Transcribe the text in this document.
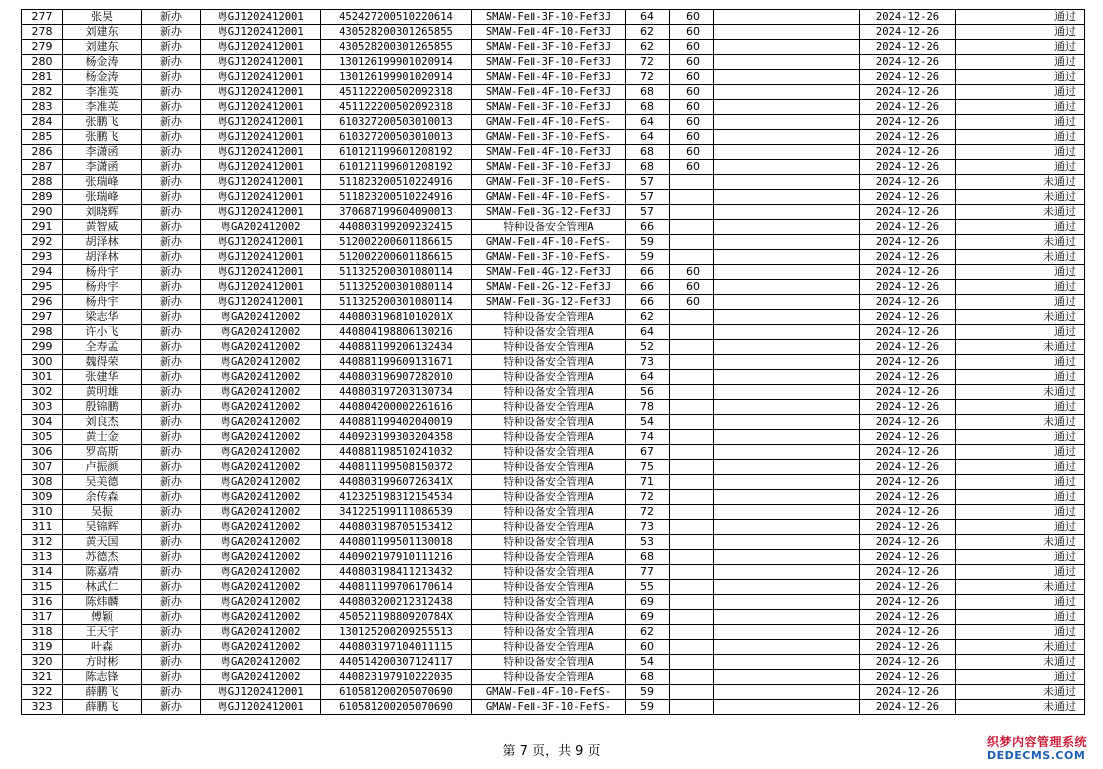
277	张昊	新办	粤GJ1202412001	452427200510220614	SMAW-FeⅡ-3F-10-Fef3J	64	60		2024-12-26	通过
278	刘建东	新办	粤GJ1202412001	430528200301265855	SMAW-FeⅡ-4F-10-Fef3J	62	60		2024-12-26	通过
279	刘建东	新办	粤GJ1202412001	430528200301265855	SMAW-FeⅡ-3F-10-Fef3J	62	60		2024-12-26	通过
280	杨金涛	新办	粤GJ1202412001	130126199901020914	SMAW-FeⅡ-3F-10-Fef3J	72	60		2024-12-26	通过
281	杨金涛	新办	粤GJ1202412001	130126199901020914	SMAW-FeⅡ-4F-10-Fef3J	72	60		2024-12-26	通过
282	李准英	新办	粤GJ1202412001	451122200502092318	SMAW-FeⅡ-4F-10-Fef3J	68	60		2024-12-26	通过
283	李准英	新办	粤GJ1202412001	451122200502092318	SMAW-FeⅡ-3F-10-Fef3J	68	60		2024-12-26	通过
284	张鹏飞	新办	粤GJ1202412001	610327200503010013	GMAW-FeⅡ-4F-10-FefS-	64	60		2024-12-26	通过
285	张鹏飞	新办	粤GJ1202412001	610327200503010013	GMAW-FeⅡ-3F-10-FefS-	64	60		2024-12-26	通过
286	李潇函	新办	粤GJ1202412001	610121199601208192	SMAW-FeⅡ-4F-10-Fef3J	68	60		2024-12-26	通过
287	李潇函	新办	粤GJ1202412001	610121199601208192	SMAW-FeⅡ-3F-10-Fef3J	68	60		2024-12-26	通过
288	张瑞峰	新办	粤GJ1202412001	511823200510224916	GMAW-FeⅡ-3F-10-FefS-	57			2024-12-26	未通过
289	张瑞峰	新办	粤GJ1202412001	511823200510224916	GMAW-FeⅡ-4F-10-FefS-	57			2024-12-26	未通过
290	刘晓辉	新办	粤GJ1202412001	370687199604090013	SMAW-FeⅡ-3G-12-Fef3J	57			2024-12-26	未通过
291	黄智威	新办	粤GA202412002	440803199209232415	特种设备安全管理A	66			2024-12-26	通过
292	胡泽林	新办	粤GJ1202412001	512002200601186615	GMAW-FeⅡ-4F-10-FefS-	59			2024-12-26	未通过
293	胡泽林	新办	粤GJ1202412001	512002200601186615	GMAW-FeⅡ-3F-10-FefS-	59			2024-12-26	未通过
294	杨舟宇	新办	粤GJ1202412001	511325200301080114	SMAW-FeⅡ-4G-12-Fef3J	66	60		2024-12-26	通过
295	杨舟宇	新办	粤GJ1202412001	511325200301080114	SMAW-FeⅡ-2G-12-Fef3J	66	60		2024-12-26	通过
296	杨舟宇	新办	粤GJ1202412001	511325200301080114	SMAW-FeⅡ-3G-12-Fef3J	66	60		2024-12-26	通过
297	梁志华	新办	粤GA202412002	44080319681010201X	特种设备安全管理A	62			2024-12-26	未通过
298	许小飞	新办	粤GA202412002	440804198806130216	特种设备安全管理A	64			2024-12-26	通过
299	全寿孟	新办	粤GA202412002	440881199206132434	特种设备安全管理A	52			2024-12-26	未通过
300	魏得荣	新办	粤GA202412002	440881199609131671	特种设备安全管理A	73			2024-12-26	通过
301	张建华	新办	粤GA202412002	440803196907282010	特种设备安全管理A	64			2024-12-26	通过
302	黄明雄	新办	粤GA202412002	440803197203130734	特种设备安全管理A	56			2024-12-26	未通过
303	殷锦鹏	新办	粤GA202412002	440804200002261616	特种设备安全管理A	78			2024-12-26	通过
304	刘良杰	新办	粤GA202412002	440881199402040019	特种设备安全管理A	54			2024-12-26	未通过
305	黄士金	新办	粤GA202412002	440923199303204358	特种设备安全管理A	74			2024-12-26	通过
306	罗高斯	新办	粤GA202412002	440881198510241032	特种设备安全管理A	67			2024-12-26	通过
307	卢振颜	新办	粤GA202412002	440811199508150372	特种设备安全管理A	75			2024-12-26	通过
308	吴美德	新办	粤GA202412002	44080319960726341X	特种设备安全管理A	71			2024-12-26	通过
309	余传森	新办	粤GA202412002	412325198312154534	特种设备安全管理A	72			2024-12-26	通过
310	吴振	新办	粤GA202412002	341225199111086539	特种设备安全管理A	72			2024-12-26	通过
311	吴锦辉	新办	粤GA202412002	440803198705153412	特种设备安全管理A	73			2024-12-26	通过
312	黄天国	新办	粤GA202412002	440801199501130018	特种设备安全管理A	53			2024-12-26	未通过
313	苏德杰	新办	粤GA202412002	440902197910111216	特种设备安全管理A	68			2024-12-26	通过
314	陈嘉靖	新办	粤GA202412002	440803198411213432	特种设备安全管理A	77			2024-12-26	通过
315	林武仁	新办	粤GA202412002	440811199706170614	特种设备安全管理A	55			2024-12-26	未通过
316	陈炜麟	新办	粤GA202412002	440803200212312438	特种设备安全管理A	69			2024-12-26	通过
317	傅颖	新办	粤GA202412002	45052119880920784X	特种设备安全管理A	69			2024-12-26	通过
318	王天宇	新办	粤GA202412002	130125200209255513	特种设备安全管理A	62			2024-12-26	通过
319	叶森	新办	粤GA202412002	440803197104011115	特种设备安全管理A	60			2024-12-26	未通过
320	方时彬	新办	粤GA202412002	440514200307124117	特种设备安全管理A	54			2024-12-26	未通过
321	陈志锋	新办	粤GA202412002	440823197910222035	特种设备安全管理A	68			2024-12-26	通过
322	薛鹏飞	新办	粤GJ1202412001	610581200205070690	GMAW-FeⅡ-4F-10-FefS-	59			2024-12-26	未通过
323	薛鹏飞	新办	粤GJ1202412001	610581200205070690	GMAW-FeⅡ-3F-10-FefS-	59			2024-12-26	未通过
第 7 页，共 9 页
织梦内容管理系统
DEDECMS.COM
